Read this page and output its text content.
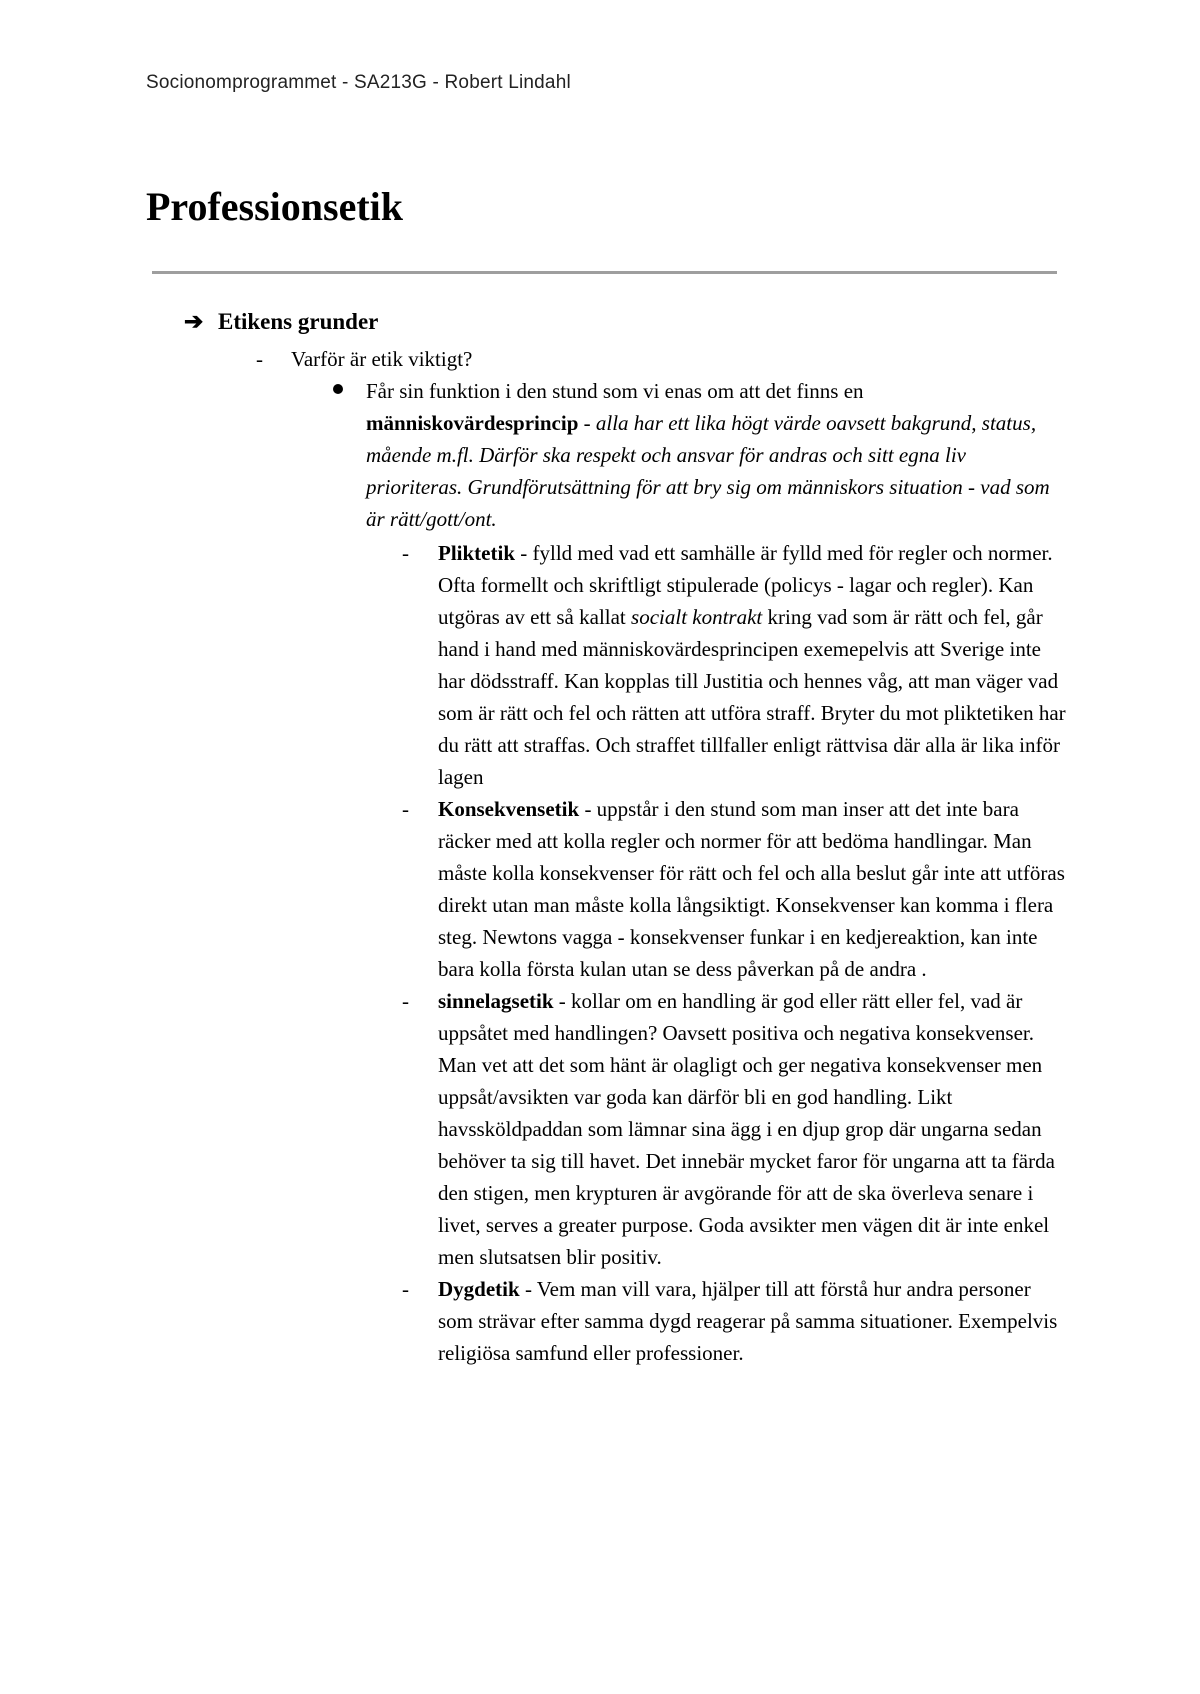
Socionomprogrammet - SA213G - Robert Lindahl
Professionsetik
➔ Etikens grunder
- Varför är etik viktigt?
Får sin funktion i den stund som vi enas om att det finns en människovärdesprincip - alla har ett lika högt värde oavsett bakgrund, status, mående m.fl. Därför ska respekt och ansvar för andras och sitt egna liv prioriteras. Grundförutsättning för att bry sig om människors situation - vad som är rätt/gott/ont.
- Pliktetik - fylld med vad ett samhälle är fylld med för regler och normer. Ofta formellt och skriftligt stipulerade (policys - lagar och regler). Kan utgöras av ett så kallat socialt kontrakt kring vad som är rätt och fel, går hand i hand med människovärdesprincipen exemepelvis att Sverige inte har dödsstraff. Kan kopplas till Justitia och hennes våg, att man väger vad som är rätt och fel och rätten att utföra straff. Bryter du mot pliktetiken har du rätt att straffas. Och straffet tillfaller enligt rättvisa där alla är lika inför lagen
- Konsekvensetik - uppstår i den stund som man inser att det inte bara räcker med att kolla regler och normer för att bedöma handlingar. Man måste kolla konsekvenser för rätt och fel och alla beslut går inte att utföras direkt utan man måste kolla långsiktigt. Konsekvenser kan komma i flera steg. Newtons vagga - konsekvenser funkar i en kedjereaktion, kan inte bara kolla första kulan utan se dess påverkan på de andra .
- sinnelagsetik - kollar om en handling är god eller rätt eller fel, vad är uppsåtet med handlingen? Oavsett positiva och negativa konsekvenser. Man vet att det som hänt är olagligt och ger negativa konsekvenser men uppsåt/avsikten var goda kan därför bli en god handling. Likt havssköldpaddan som lämnar sina ägg i en djup grop där ungarna sedan behöver ta sig till havet. Det innebär mycket faror för ungarna att ta färda den stigen, men krypturen är avgörande för att de ska överleva senare i livet, serves a greater purpose. Goda avsikter men vägen dit är inte enkel men slutsatsen blir positiv.
- Dygdetik - Vem man vill vara, hjälper till att förstå hur andra personer som strävar efter samma dygd reagerar på samma situationer. Exempelvis religiösa samfund eller professioner.
